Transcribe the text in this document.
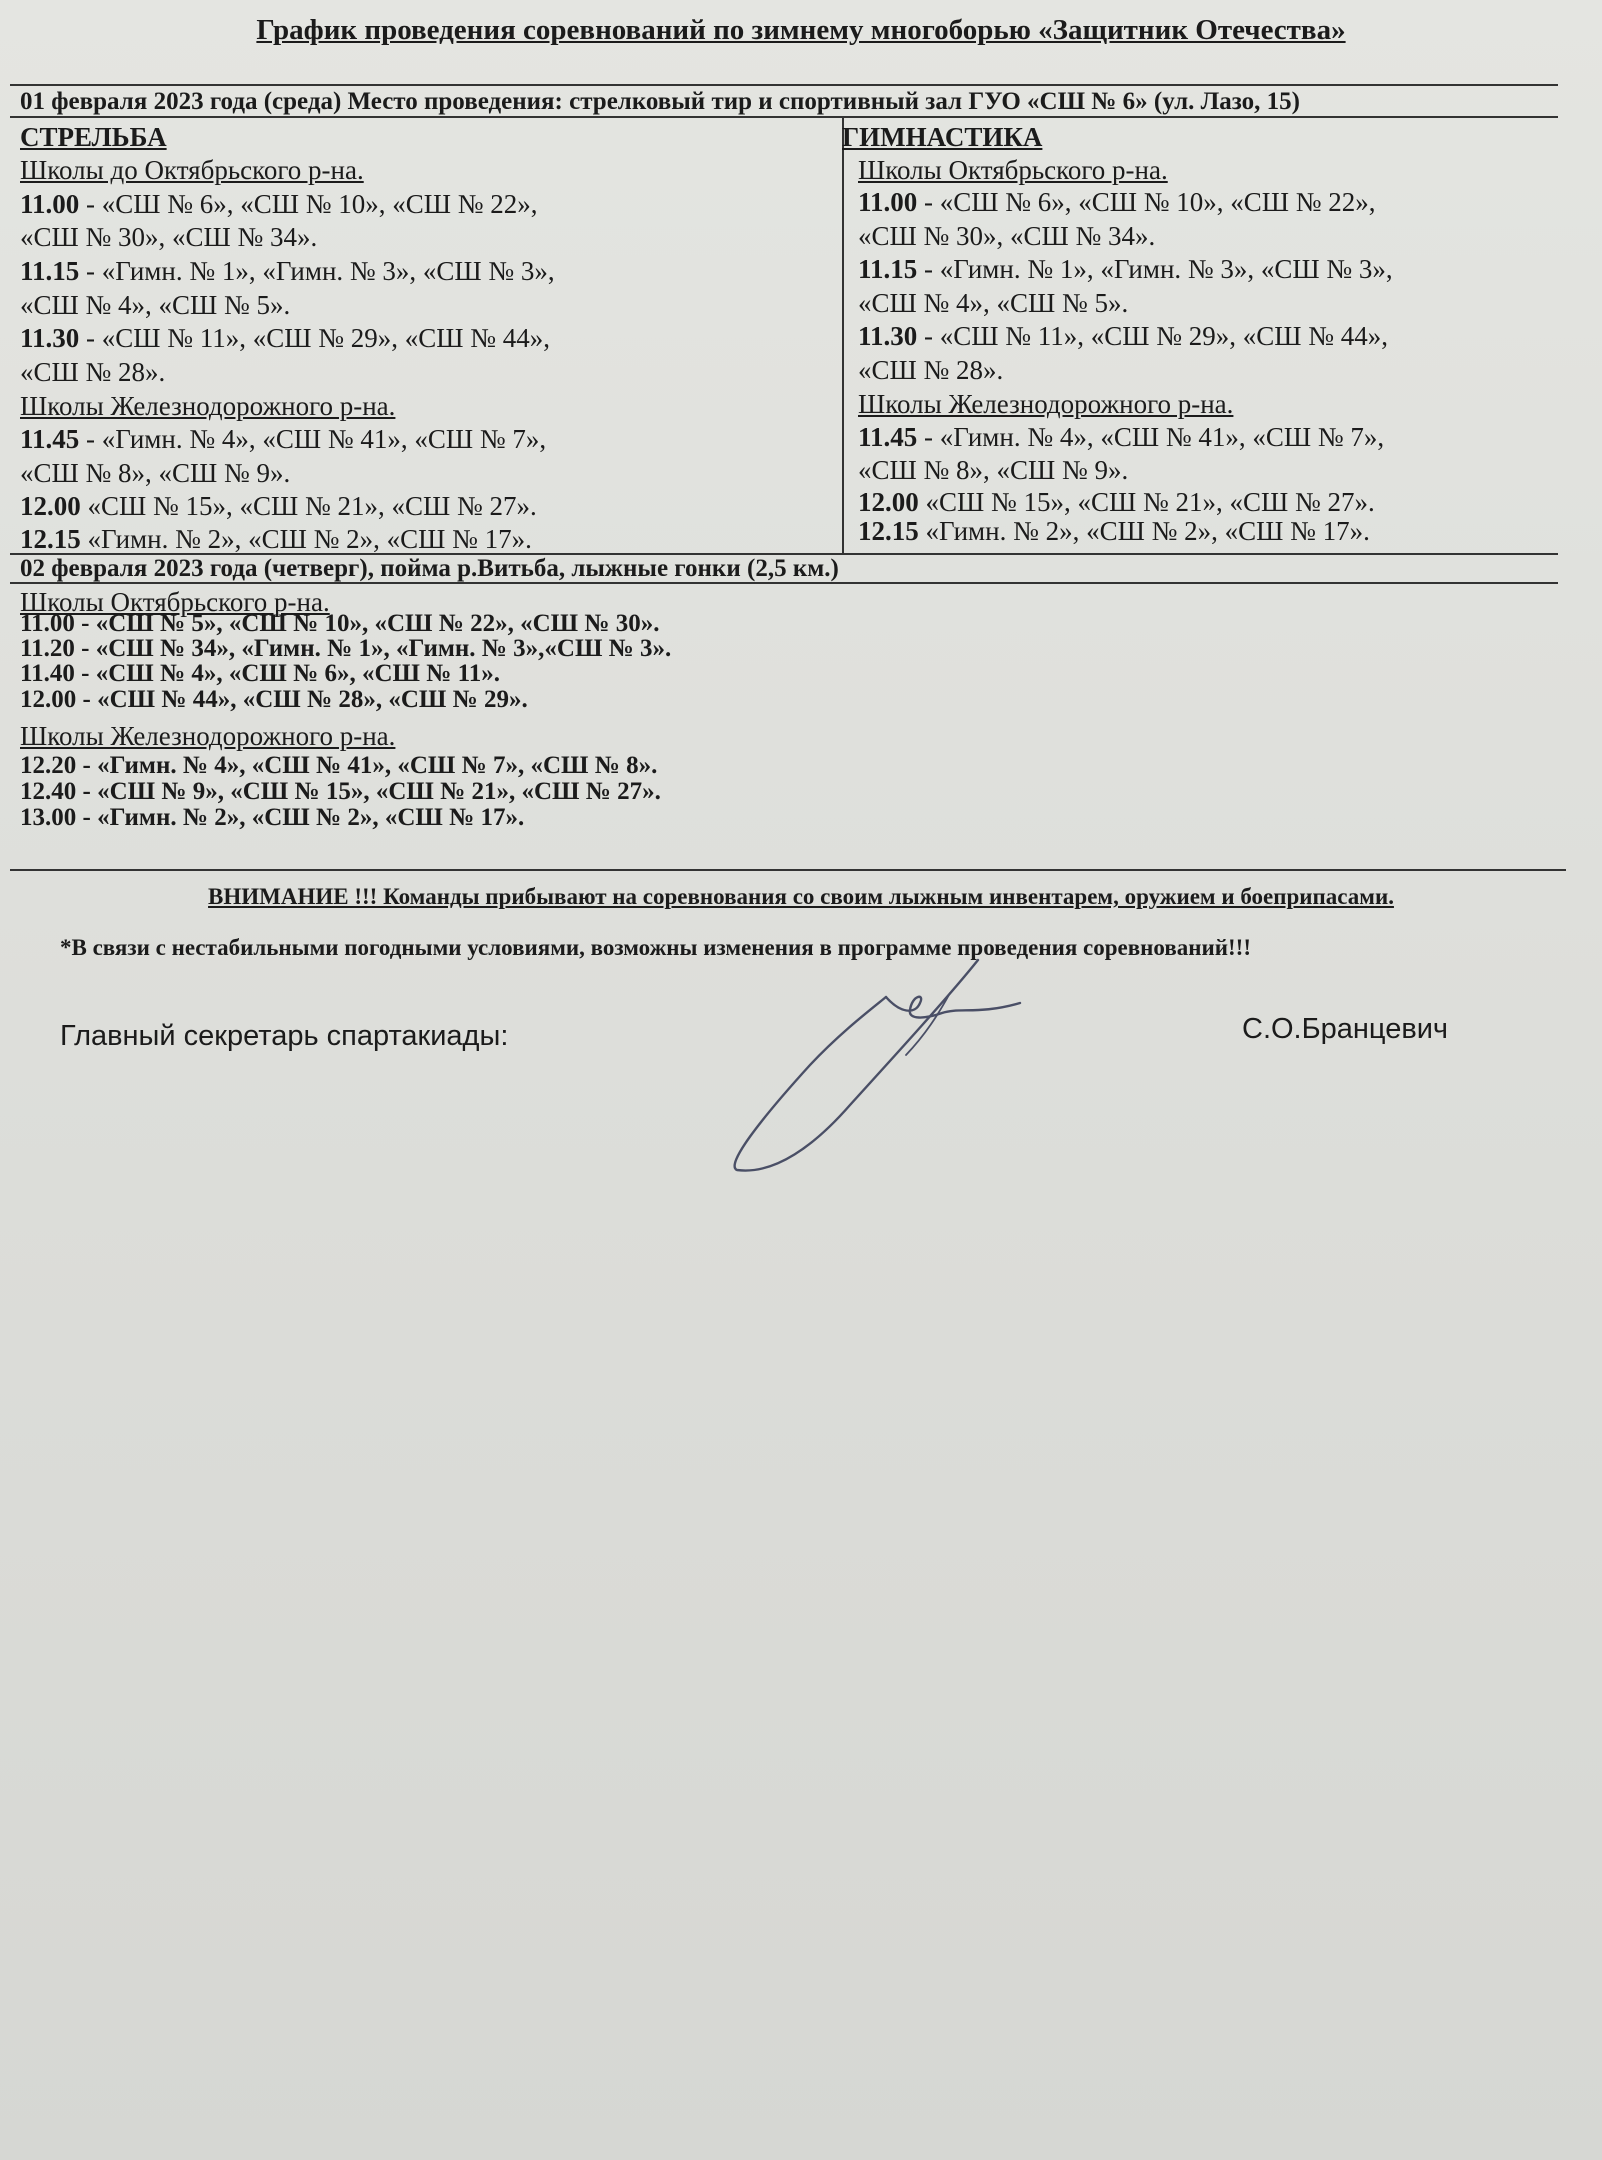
График проведения соревнований по зимнему многоборью «Защитник Отечества»
01 февраля 2023 года (среда) Место проведения: стрелковый тир и спортивный зал ГУО «СШ № 6» (ул. Лазо, 15)
СТРЕЛЬБА
Школы до Октябрьского р-на.
11.00 - «СШ № 6», «СШ № 10», «СШ № 22»,
«СШ № 30», «СШ № 34».
11.15 - «Гимн. № 1», «Гимн. № 3», «СШ № 3»,
«СШ № 4», «СШ № 5».
11.30 - «СШ № 11», «СШ № 29», «СШ № 44»,
«СШ № 28».
Школы Железнодорожного р-на.
11.45 - «Гимн. № 4», «СШ № 41», «СШ № 7»,
«СШ № 8», «СШ № 9».
12.00 «СШ № 15», «СШ № 21», «СШ № 27».
12.15 «Гимн. № 2», «СШ № 2», «СШ № 17».
ГИМНАСТИКА
Школы Октябрьского р-на.
11.00 - «СШ № 6», «СШ № 10», «СШ № 22»,
«СШ № 30», «СШ № 34».
11.15 - «Гимн. № 1», «Гимн. № 3», «СШ № 3»,
«СШ № 4», «СШ № 5».
11.30 - «СШ № 11», «СШ № 29», «СШ № 44»,
«СШ № 28».
Школы Железнодорожного р-на.
11.45 - «Гимн. № 4», «СШ № 41», «СШ № 7»,
«СШ № 8», «СШ № 9».
12.00 «СШ № 15», «СШ № 21», «СШ № 27».
12.15 «Гимн. № 2», «СШ № 2», «СШ № 17».
02 февраля 2023 года (четверг), пойма р.Витьба, лыжные гонки (2,5 км.)
Школы Октябрьского р-на.
11.00 - «СШ № 5», «СШ № 10», «СШ № 22», «СШ № 30».
11.20 - «СШ № 34», «Гимн. № 1», «Гимн. № 3»,«СШ № 3».
11.40 - «СШ № 4», «СШ № 6», «СШ № 11».
12.00 - «СШ № 44», «СШ № 28», «СШ № 29».
Школы Железнодорожного р-на.
12.20 - «Гимн. № 4», «СШ № 41», «СШ № 7», «СШ № 8».
12.40 - «СШ № 9», «СШ № 15», «СШ № 21», «СШ № 27».
13.00 - «Гимн. № 2», «СШ № 2», «СШ № 17».
ВНИМАНИЕ !!! Команды прибывают на соревнования со своим лыжным инвентарем, оружием и боеприпасами.
*В связи с нестабильными погодными условиями, возможны изменения в программе проведения соревнований!!!
Главный секретарь спартакиады:	С.О.Бранцевич
